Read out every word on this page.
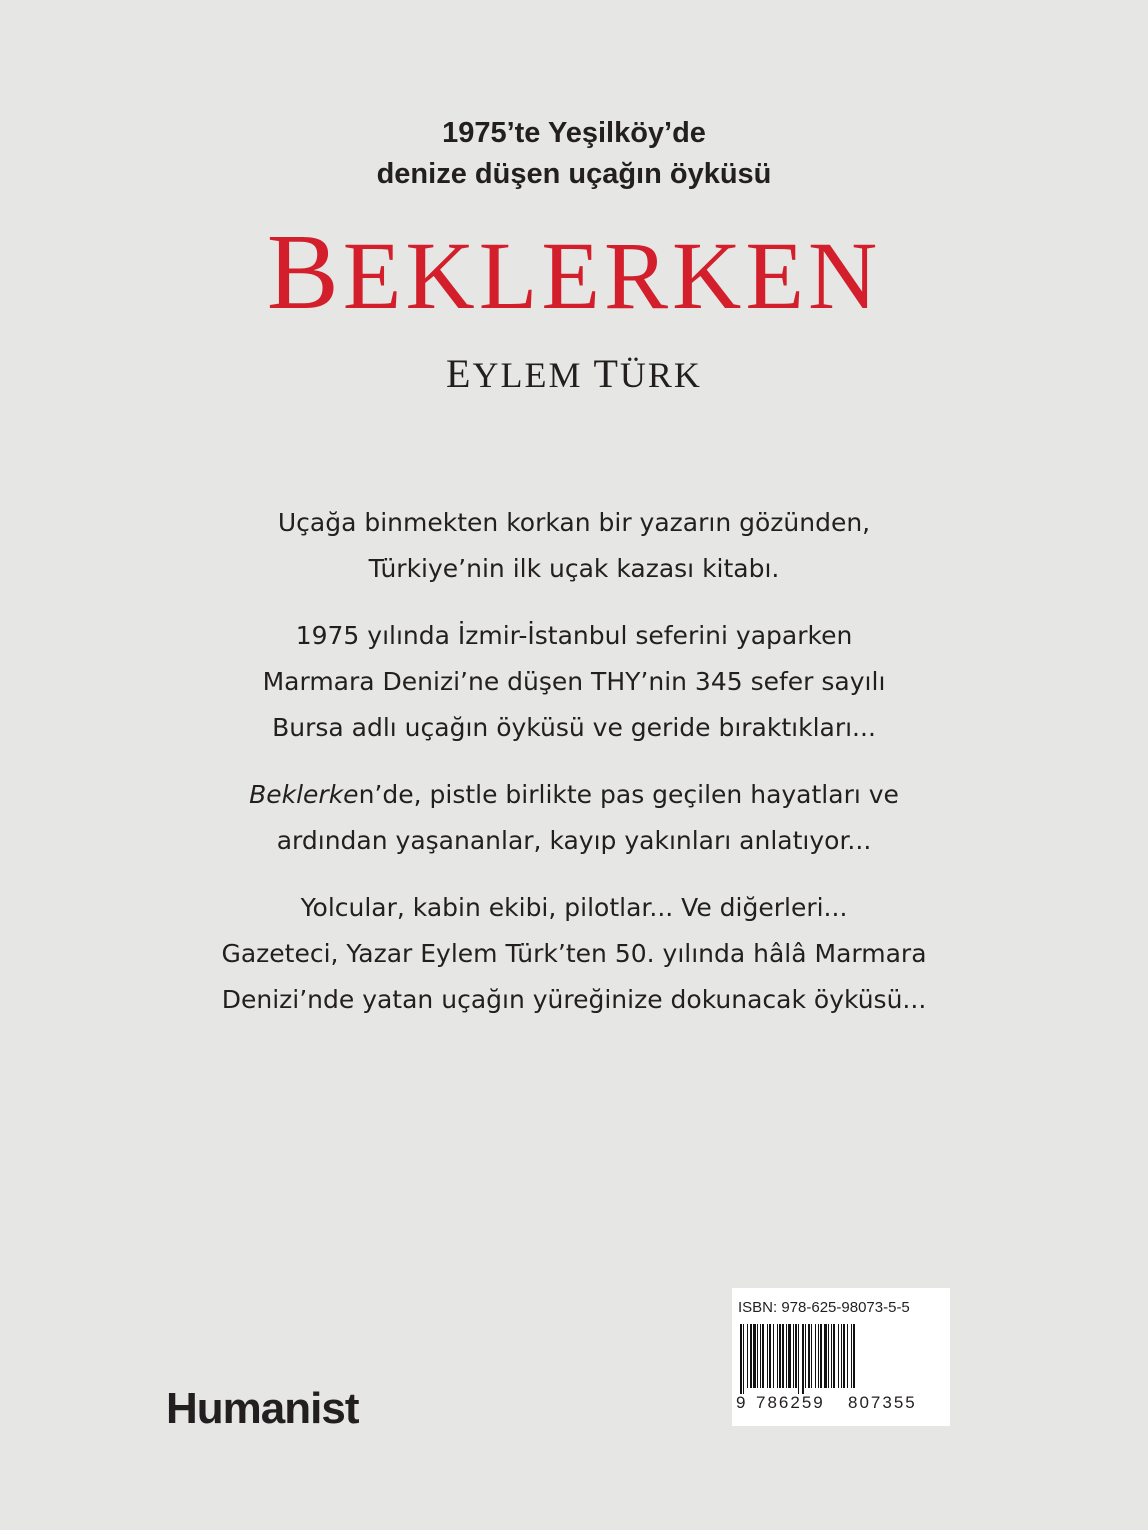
1975’te Yeşilköy’de
denize düşen uçağın öyküsü
BEKLERKEN
EYLEM TÜRK
Uçağa binmekten korkan bir yazarın gözünden,
Türkiye’nin ilk uçak kazası kitabı.
1975 yılında İzmir-İstanbul seferini yaparken
Marmara Denizi’ne düşen THY’nin 345 sefer sayılı
Bursa adlı uçağın öyküsü ve geride bıraktıkları...
Beklerken’de, pistle birlikte pas geçilen hayatları ve
ardından yaşananlar, kayıp yakınları anlatıyor...
Yolcular, kabin ekibi, pilotlar... Ve diğerleri...
Gazeteci, Yazar Eylem Türk’ten 50. yılında hâlâ Marmara
Denizi’nde yatan uçağın yüreğinize dokunacak öyküsü...
Humanist
ISBN: 978-625-98073-5-5
9 786259 807355
